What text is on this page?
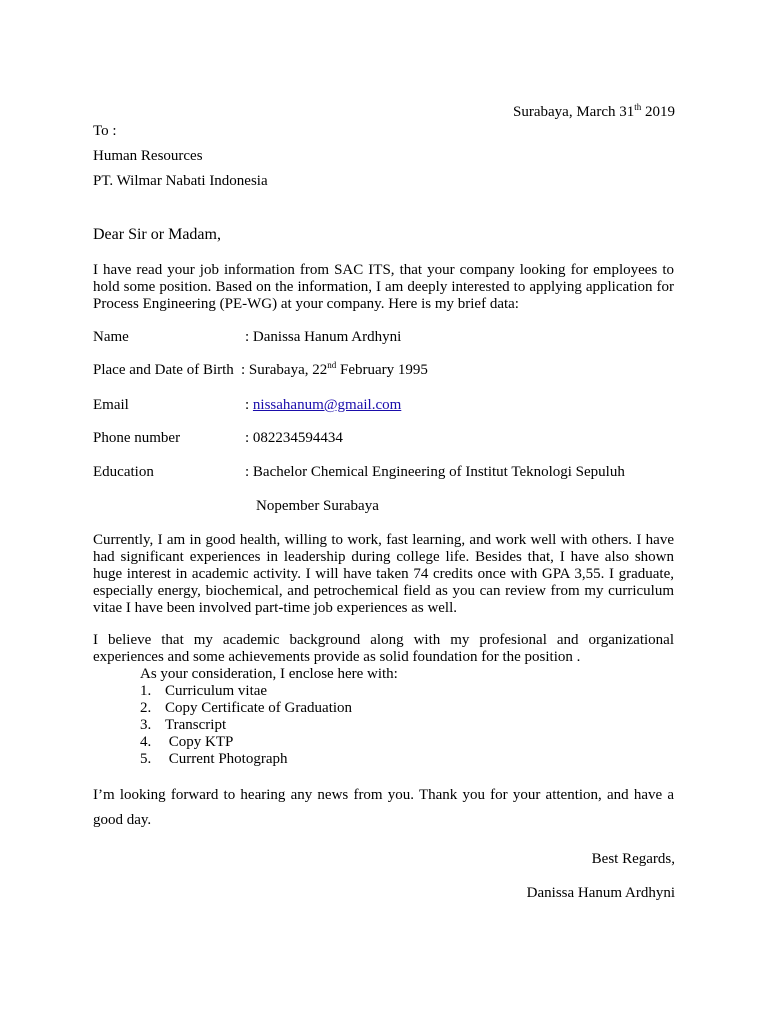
Surabaya, March 31th 2019
To :
Human Resources
PT. Wilmar Nabati Indonesia
Dear Sir or Madam,
I have read your job information from SAC ITS, that your company looking for employees to hold some position. Based on the information, I am deeply interested to applying application for Process Engineering (PE-WG) at your company. Here is my brief data:
Name	: Danissa Hanum Ardhyni
Place and Date of Birth : Surabaya, 22nd February 1995
Email	: nissahanum@gmail.com
Phone number	: 082234594434
Education	: Bachelor Chemical Engineering of Institut Teknologi Sepuluh
Nopember Surabaya
Currently, I am in good health, willing to work, fast learning, and work well with others. I have had significant experiences in leadership during college life. Besides that, I have also shown huge interest in academic activity. I will have taken 74 credits once with GPA 3,55. I graduate, especially energy, biochemical, and petrochemical field as you can review from my curriculum vitae I have been involved part-time job experiences as well.
I believe that my academic background along with my profesional and organizational experiences and some achievements provide as solid foundation for the position .
As your consideration, I enclose here with:
1. Curriculum vitae
2. Copy Certificate of Graduation
3. Transcript
4. Copy KTP
5. Current Photograph
I’m looking forward to hearing any news from you. Thank you for your attention, and have a good day.
Best Regards,
Danissa Hanum Ardhyni
